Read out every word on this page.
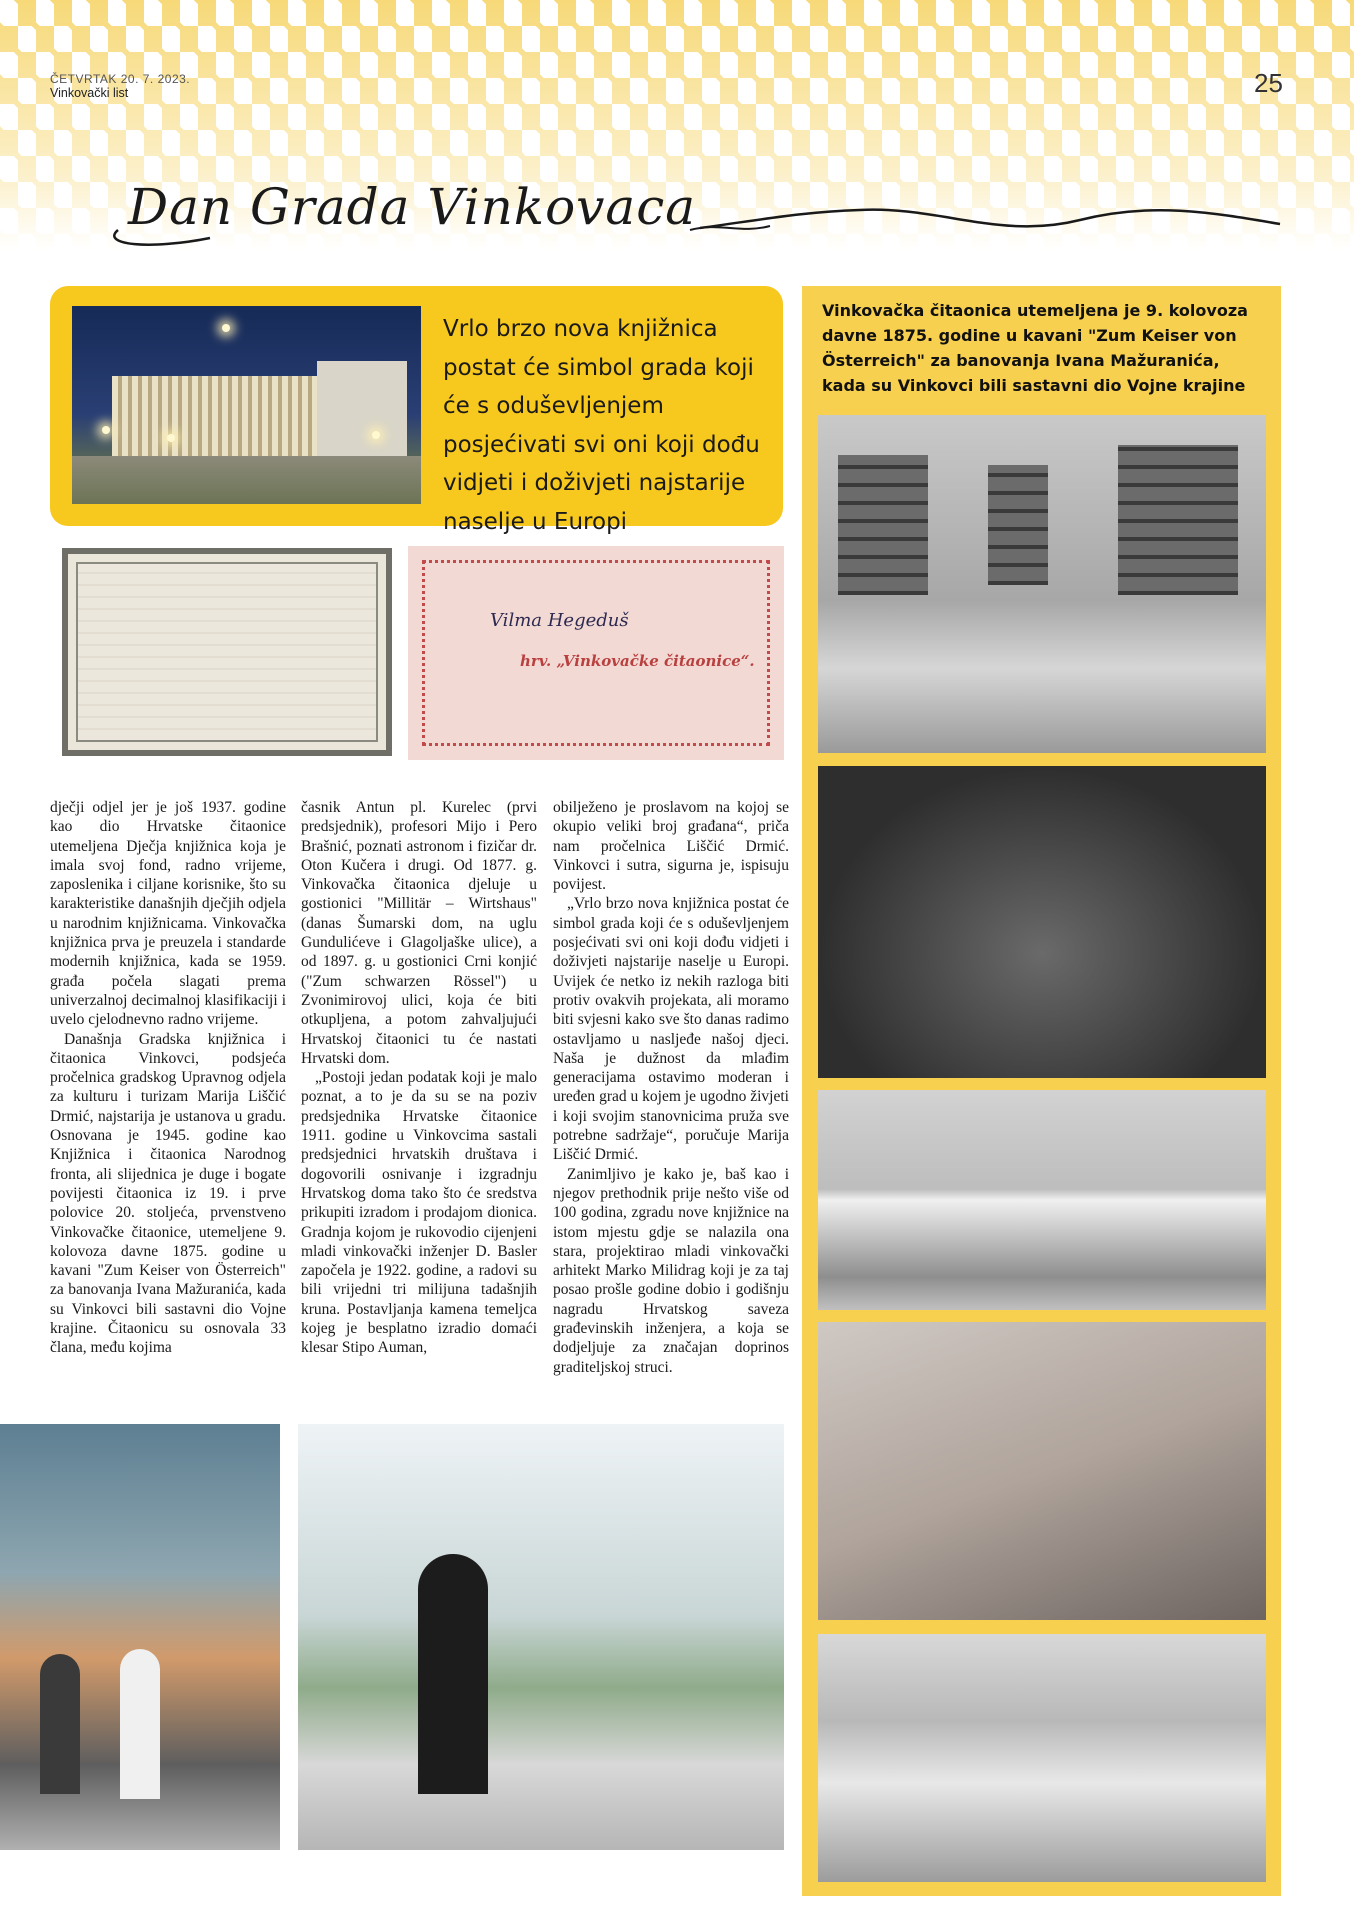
ČETVRTAK 20. 7. 2023.
Vinkovački list	25
Dan Grada Vinkovaca
Vrlo brzo nova knjižnica postat će simbol grada koji će s oduševljenjem posjećivati svi oni koji dođu vidjeti i doživjeti najstarije naselje u Europi
Vinkovačka čitaonica utemeljena je 9. kolovoza davne 1875. godine u kavani "Zum Keiser von Österreich" za banovanja Ivana Mažuranića, kada su Vinkovci bili sastavni dio Vojne krajine
Vilma Hegeduš
hrv. „Vinkovačke čitaonice“.

dječji odjel jer je još 1937. godine kao dio Hrvatske čitaonice utemeljena Dječja knjižnica koja je imala svoj fond, radno vrijeme, zaposlenika i ciljane korisnike, što su karakteristike današnjih dječjih odjela u narodnim knjižnicama. Vinkovačka knjižnica prva je preuzela i standarde modernih knjižnica, kada se 1959. građa počela slagati prema univerzalnoj decimalnoj klasifikaciji i uvelo cjelodnevno radno vrijeme.

Današnja Gradska knjižnica i čitaonica Vinkovci, podsjeća pročelnica gradskog Upravnog odjela za kulturu i turizam Marija Liščić Drmić, najstarija je ustanova u gradu. Osnovana je 1945. godine kao Knjižnica i čitaonica Narodnog fronta, ali slijednica je duge i bogate povijesti čitaonica iz 19. i prve polovice 20. stoljeća, prvenstveno Vinkovačke čitaonice, utemeljene 9. kolovoza davne 1875. godine u kavani "Zum Keiser von Österreich" za banovanja Ivana Mažuranića, kada su Vinkovci bili sastavni dio Vojne krajine. Čitaonicu su osnovala 33 člana, među kojima

časnik Antun pl. Kurelec (prvi predsjednik), profesori Mijo i Pero Brašnić, poznati astronom i fizičar dr. Oton Kučera i drugi. Od 1877. g. Vinkovačka čitaonica djeluje u gostionici "Millitär – Wirtshaus" (danas Šumarski dom, na uglu Gundulićeve i Glagoljaške ulice), a od 1897. g. u gostionici Crni konjić ("Zum schwarzen Rössel") u Zvonimirovoj ulici, koja će biti otkupljena, a potom zahvaljujući Hrvatskoj čitaonici tu će nastati Hrvatski dom.

„Postoji jedan podatak koji je malo poznat, a to je da su se na poziv predsjednika Hrvatske čitaonice 1911. godine u Vinkovcima sastali predsjednici hrvatskih društava i dogovorili osnivanje i izgradnju Hrvatskog doma tako što će sredstva prikupiti izradom i prodajom dionica. Gradnja kojom je rukovodio cijenjeni mladi vinkovački inženjer D. Basler započela je 1922. godine, a radovi su bili vrijedni tri milijuna tadašnjih kruna. Postavljanja kamena temeljca kojeg je besplatno izradio domaći klesar Stipo Auman,

obilježeno je proslavom na kojoj se okupio veliki broj građana“, priča nam pročelnica Liščić Drmić. Vinkovci i sutra, sigurna je, ispisuju povijest.

„Vrlo brzo nova knjižnica postat će simbol grada koji će s oduševljenjem posjećivati svi oni koji dođu vidjeti i doživjeti najstarije naselje u Europi. Uvijek će netko iz nekih razloga biti protiv ovakvih projekata, ali moramo biti svjesni kako sve što danas radimo ostavljamo u nasljeđe našoj djeci. Naša je dužnost da mlađim generacijama ostavimo moderan i uređen grad u kojem je ugodno živjeti i koji svojim stanovnicima pruža sve potrebne sadržaje“, poručuje Marija Liščić Drmić.

Zanimljivo je kako je, baš kao i njegov prethodnik prije nešto više od 100 godina, zgradu nove knjižnice na istom mjestu gdje se nalazila ona stara, projektirao mladi vinkovački arhitekt Marko Milidrag koji je za taj posao prošle godine dobio i godišnju nagradu Hrvatskog saveza građevinskih inženjera, a koja se dodjeljuje za značajan doprinos graditeljskoj struci.
